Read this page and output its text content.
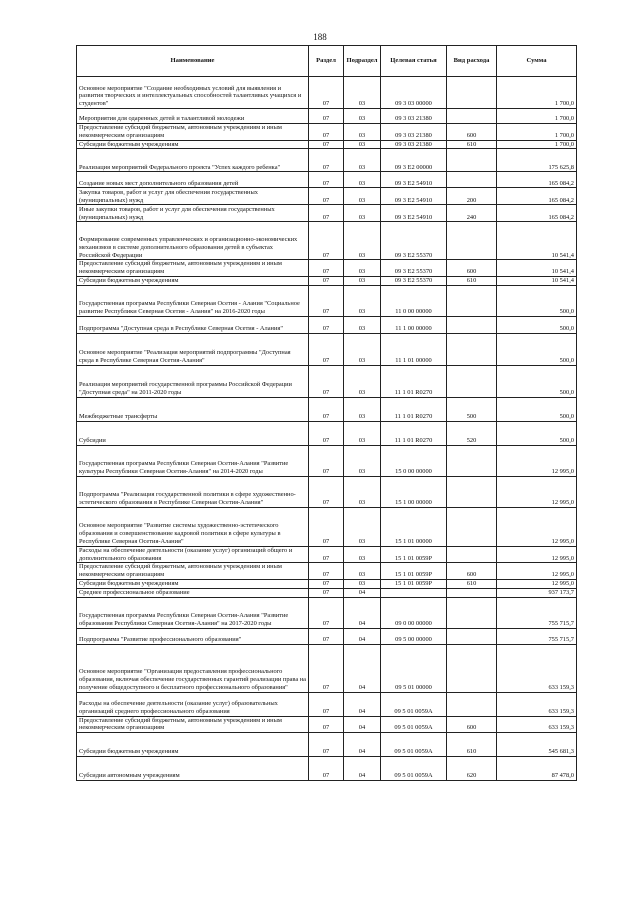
188
Наименование	Раздел	Подраздел	Целевая статья	Вид расхода	Сумма
Основное мероприятие "Создание необходимых условий для выявления и развития творческих и интеллектуальных способностей талантливых учащихся и студентов"	07	03	09 3 03 00000		1 700,0
Мероприятия для одаренных детей и талантливой молодежи	07	03	09 3 03 21380		1 700,0
Предоставление субсидий бюджетным, автономным учреждениям и иным некоммерческим организациям	07	03	09 3 03 21380	600	1 700,0
Субсидии бюджетным учреждениям	07	03	09 3 03 21380	610	1 700,0
Реализация мероприятий Федерального проекта "Успех каждого ребенка"	07	03	09 3 E2 00000		175 625,8
Создание новых мест дополнительного образования детей	07	03	09 3 E2 54910		165 084,2
Закупка товаров, работ и услуг для обеспечения государственных (муниципальных) нужд	07	03	09 3 E2 54910	200	165 084,2
Иные закупки товаров, работ и услуг для обеспечения государственных (муниципальных) нужд	07	03	09 3 E2 54910	240	165 084,2
Формирование современных управленческих и организационно-экономических механизмов в системе дополнительного образования детей в субъектах Российской Федерации	07	03	09 3 E2 55370		10 541,4
Предоставление субсидий бюджетным, автономным учреждениям и иным некоммерческим организациям	07	03	09 3 E2 55370	600	10 541,4
Субсидии бюджетным учреждениям	07	03	09 3 E2 55370	610	10 541,4
Государственная программа Республики Северная Осетия - Алания "Социальное развитие Республики Северная Осетия - Алания" на 2016-2020 годы	07	03	11 0 00 00000		500,0
Подпрограмма "Доступная среда в Республике Северная Осетия - Алания"	07	03	11 1 00 00000		500,0
Основное мероприятие "Реализация мероприятий подпрограммы "Доступная среда в Республике Северная Осетия-Алания"	07	03	11 1 01 00000		500,0
Реализация мероприятий государственной программы Российской Федерации "Доступная среда" на 2011-2020 годы	07	03	11 1 01 R0270		500,0
Межбюджетные трансферты	07	03	11 1 01 R0270	500	500,0
Субсидии	07	03	11 1 01 R0270	520	500,0
Государственная программа Республики Северная Осетия-Алания "Развитие культуры Республики Северная Осетия-Алания" на 2014-2020 годы	07	03	15 0 00 00000		12 995,0
Подпрограмма "Реализация государственной политики в сфере художественно-эстетического образования в Республике Северная Осетия-Алания"	07	03	15 1 00 00000		12 995,0
Основное мероприятие "Развитие системы художественно-эстетического образования и совершенствование кадровой политики в сфере культуры в Республике Северная Осетия-Алания"	07	03	15 1 01 00000		12 995,0
Расходы на обеспечение деятельности (оказание услуг) организаций общего и дополнительного образования	07	03	15 1 01 0059Р		12 995,0
Предоставление субсидий бюджетным, автономным учреждениям и иным некоммерческим организациям	07	03	15 1 01 0059Р	600	12 995,0
Субсидии бюджетным учреждениям	07	03	15 1 01 0059Р	610	12 995,0
Среднее профессиональное образование	07	04			937 173,7
Государственная программа Республики Северная Осетия-Алания "Развитие образования Республики Северная Осетия-Алания" на 2017-2020 годы	07	04	09 0 00 00000		755 715,7
Подпрограмма "Развитие профессионального образования"	07	04	09 5 00 00000		755 715,7
Основное мероприятие "Организация предоставления профессионального образования, включая обеспечение государственных гарантий реализации права на получение общедоступного и бесплатного профессионального образования"	07	04	09 5 01 00000		633 159,3
Расходы на обеспечение деятельности (оказание услуг) образовательных организаций среднего профессионального образования	07	04	09 5 01 0059А		633 159,3
Предоставление субсидий бюджетным, автономным учреждениям и иным некоммерческим организациям	07	04	09 5 01 0059А	600	633 159,3
Субсидии бюджетным учреждениям	07	04	09 5 01 0059А	610	545 681,3
Субсидии автономным учреждениям	07	04	09 5 01 0059А	620	87 478,0
